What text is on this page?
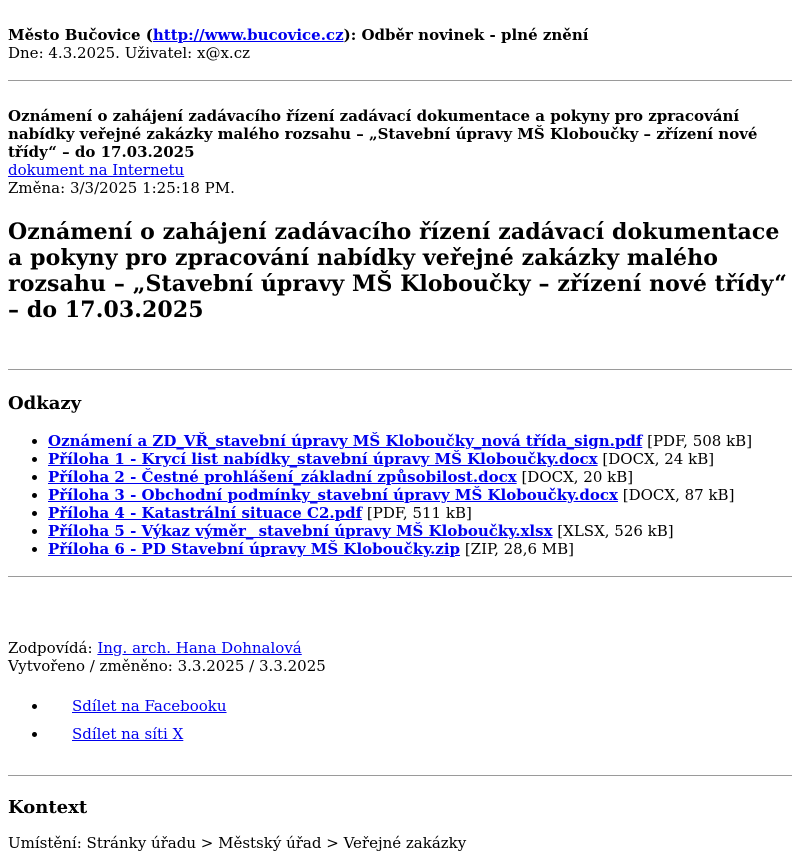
Město Bučovice (http://www.bucovice.cz): Odběr novinek - plné znění
Dne: 4.3.2025. Uživatel: x@x.cz
Oznámení o zahájení zadávacího řízení zadávací dokumentace a pokyny pro zpracování nabídky veřejné zakázky malého rozsahu – „Stavební úpravy MŠ Kloboučky – zřízení nové třídy“ – do 17.03.2025
dokument na Internetu
Změna: 3/3/2025 1:25:18 PM.
Oznámení o zahájení zadávacího řízení zadávací dokumentace a pokyny pro zpracování nabídky veřejné zakázky malého rozsahu – „Stavební úpravy MŠ Kloboučky – zřízení nové třídy“ – do 17.03.2025
Odkazy
• Oznámení a ZD_VŘ_stavební úpravy MŠ Kloboučky_nová třída_sign.pdf [PDF, 508 kB]
• Příloha 1 - Krycí list nabídky_stavební úpravy MŠ Kloboučky.docx [DOCX, 24 kB]
• Příloha 2 - Čestné prohlášení_základní způsobilost.docx [DOCX, 20 kB]
• Příloha 3 - Obchodní podmínky_stavební úpravy MŠ Kloboučky.docx [DOCX, 87 kB]
• Příloha 4 - Katastrální situace C2.pdf [PDF, 511 kB]
• Příloha 5 - Výkaz výměr_ stavební úpravy MŠ Kloboučky.xlsx [XLSX, 526 kB]
• Příloha 6 - PD Stavební úpravy MŠ Kloboučky.zip [ZIP, 28,6 MB]
Zodpovídá: Ing. arch. Hana Dohnalová
Vytvořeno / změněno: 3.3.2025 / 3.3.2025
• Sdílet na Facebooku
• Sdílet na síti X
Kontext
Umístění: Stránky úřadu > Městský úřad > Veřejné zakázky
